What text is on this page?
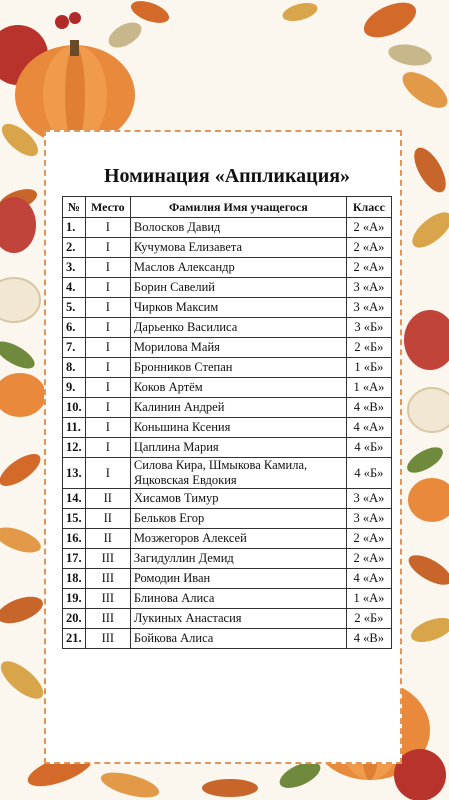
Номинация «Аппликация»
№	Место	Фамилия Имя учащегося	Класс
1.	I	Волосков Давид	2 «А»
2.	I	Кучумова Елизавета	2 «А»
3.	I	Маслов Александр	2 «А»
4.	I	Борин Савелий	3 «А»
5.	I	Чирков Максим	3 «А»
6.	I	Дарьенко Василиса	3 «Б»
7.	I	Морилова Майя	2 «Б»
8.	I	Бронников Степан	1 «Б»
9.	I	Коков Артём	1 «А»
10.	I	Калинин Андрей	4 «В»
11.	I	Коньшина Ксения	4 «А»
12.	I	Цаплина Мария	4 «Б»
13.	I	Силова Кира, Шмыкова Камила, Яцковская Евдокия	4 «Б»
14.	II	Хисамов Тимур	3 «А»
15.	II	Бельков Егор	3 «А»
16.	II	Мозжегоров Алексей	2 «А»
17.	III	Загидуллин Демид	2 «А»
18.	III	Ромодин Иван	4 «А»
19.	III	Блинова Алиса	1 «А»
20.	III	Лукиных Анастасия	2 «Б»
21.	III	Бойкова Алиса	4 «В»
